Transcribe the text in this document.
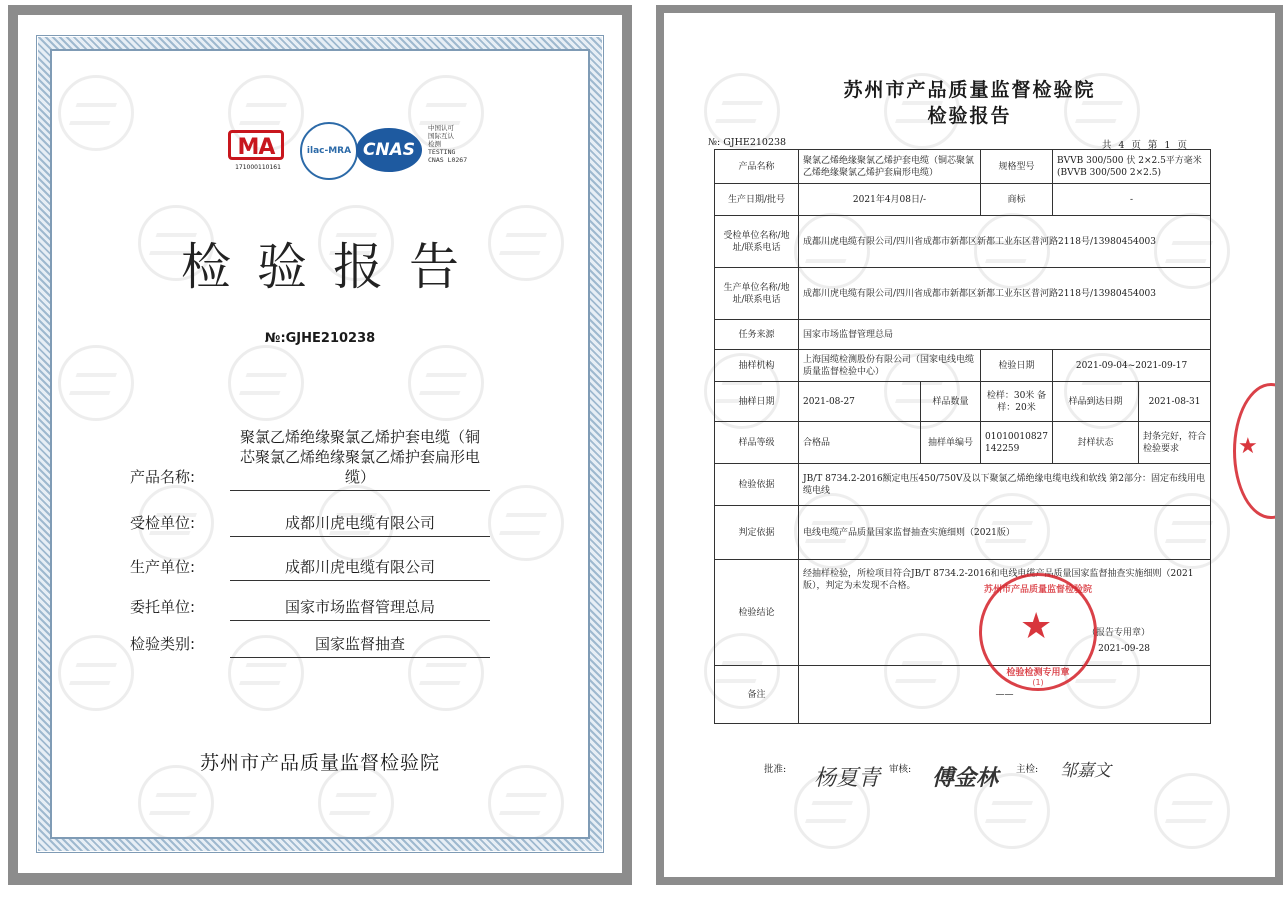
MA
171000110161
ilac-MRA CNAS
中国认可
国际互认
检测
TESTING
CNAS L0267
检验报告
№:GJHE210238
产品名称:
聚氯乙烯绝缘聚氯乙烯护套电缆（铜芯聚氯乙烯绝缘聚氯乙烯护套扁形电缆）
受检单位:	成都川虎电缆有限公司
生产单位:	成都川虎电缆有限公司
委托单位:	国家市场监督管理总局
检验类别:	国家监督抽查
苏州市产品质量监督检验院
苏州市产品质量监督检验院
检验报告
№: GJHE210238	共 4 页 第 1 页
产品名称	聚氯乙烯绝缘聚氯乙烯护套电缆（铜芯聚氯乙烯绝缘聚氯乙烯护套扁形电缆）		规格型号	BVVB 300/500 伏 2×2.5平方毫米(BVVB 300/500 2×2.5)	
生产日期/批号	2021年4月08日/-		商标	-	
受检单位名称/地址/联系电话	成都川虎电缆有限公司/四川省成都市新都区新都工业东区普河路2118号/13980454003				
生产单位名称/地址/联系电话	成都川虎电缆有限公司/四川省成都市新都区新都工业东区普河路2118号/13980454003				
任务来源	国家市场监督管理总局				
抽样机构	上海国缆检测股份有限公司（国家电线电缆质量监督检验中心）		检验日期	2021-09-04~2021-09-17	
抽样日期	2021-08-27	样品数量	检样：30米 备样：20米	样品到达日期	2021-08-31
样品等级	合格品	抽样单编号	01010010827142259	封样状态	封条完好，符合检验要求
检验依据	JB/T 8734.2-2016额定电压450/750V及以下聚氯乙烯绝缘电缆电线和软线 第2部分：固定布线用电缆电线				
判定依据	电线电缆产品质量国家监督抽查实施细则（2021版）				
检验结论	经抽样检验，所检项目符合JB/T 8734.2-2016和电线电缆产品质量国家监督抽查实施细则（2021版），判定为未发现不合格。
（报告专用章）
2021-09-28				

备注	——				
苏州市产品质量监督检验院
★
检验检测专用章
(1)
★
批准: 杨夏青 审核: 傅金林 主检: 邹嘉文
